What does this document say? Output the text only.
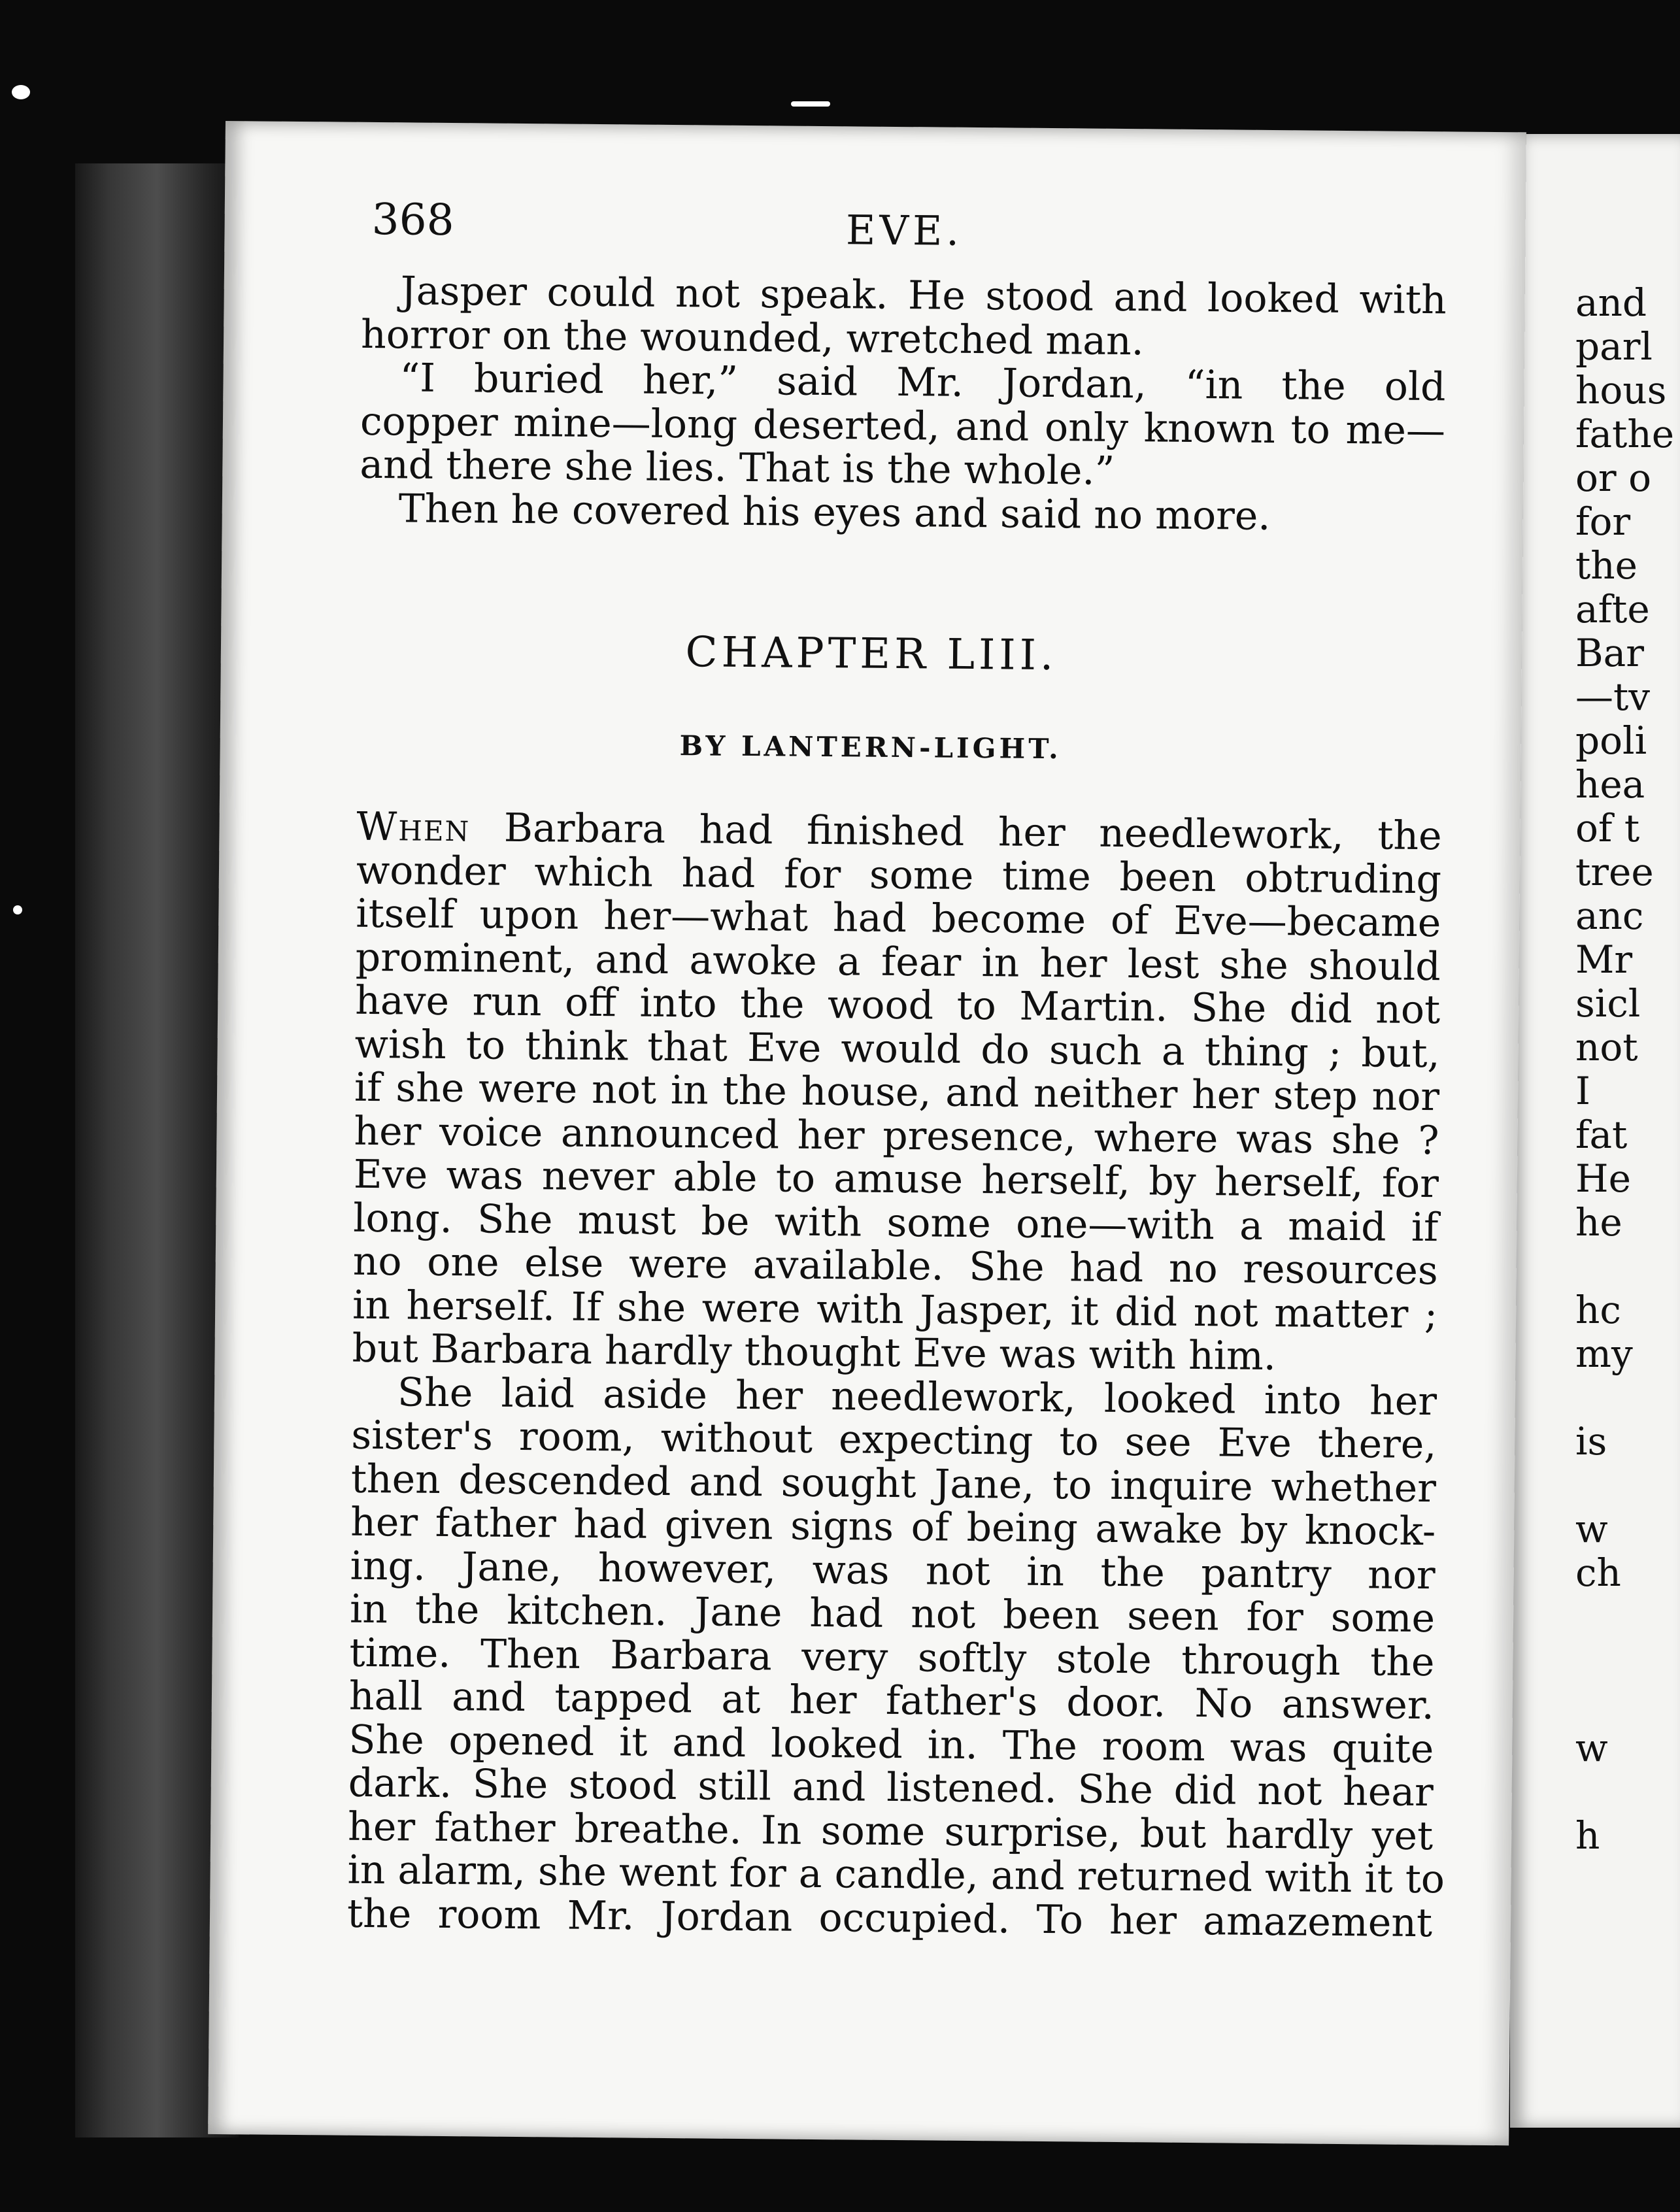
and
parl
hous
fathe
or o
for
the
afte
Bar
—tv
poli
hea
of t
tree
anc
Mr
sicl
not
I
fat
He
he
hc
my
is
w
ch
w
h
368	EVE.
Jasper could not speak. He stood and looked with
horror on the wounded, wretched man.
“I buried her,” said Mr. Jordan, “in the old
copper mine—long deserted, and only known to me—
and there she lies. That is the whole.”
Then he covered his eyes and said no more.
CHAPTER LIII.
BY LANTERN-LIGHT.
When Barbara had finished her needlework, the
wonder which had for some time been obtruding
itself upon her—what had become of Eve—became
prominent, and awoke a fear in her lest she should
have run off into the wood to Martin. She did not
wish to think that Eve would do such a thing ; but,
if she were not in the house, and neither her step nor
her voice announced her presence, where was she ?
Eve was never able to amuse herself, by herself, for
long. She must be with some one—with a maid if
no one else were available. She had no resources
in herself. If she were with Jasper, it did not matter ;
but Barbara hardly thought Eve was with him.
She laid aside her needlework, looked into her
sister's room, without expecting to see Eve there,
then descended and sought Jane, to inquire whether
her father had given signs of being awake by knock-
ing. Jane, however, was not in the pantry nor
in the kitchen. Jane had not been seen for some
time. Then Barbara very softly stole through the
hall and tapped at her father's door. No answer.
She opened it and looked in. The room was quite
dark. She stood still and listened. She did not hear
her father breathe. In some surprise, but hardly yet
in alarm, she went for a candle, and returned with it to
the room Mr. Jordan occupied. To her amazement
